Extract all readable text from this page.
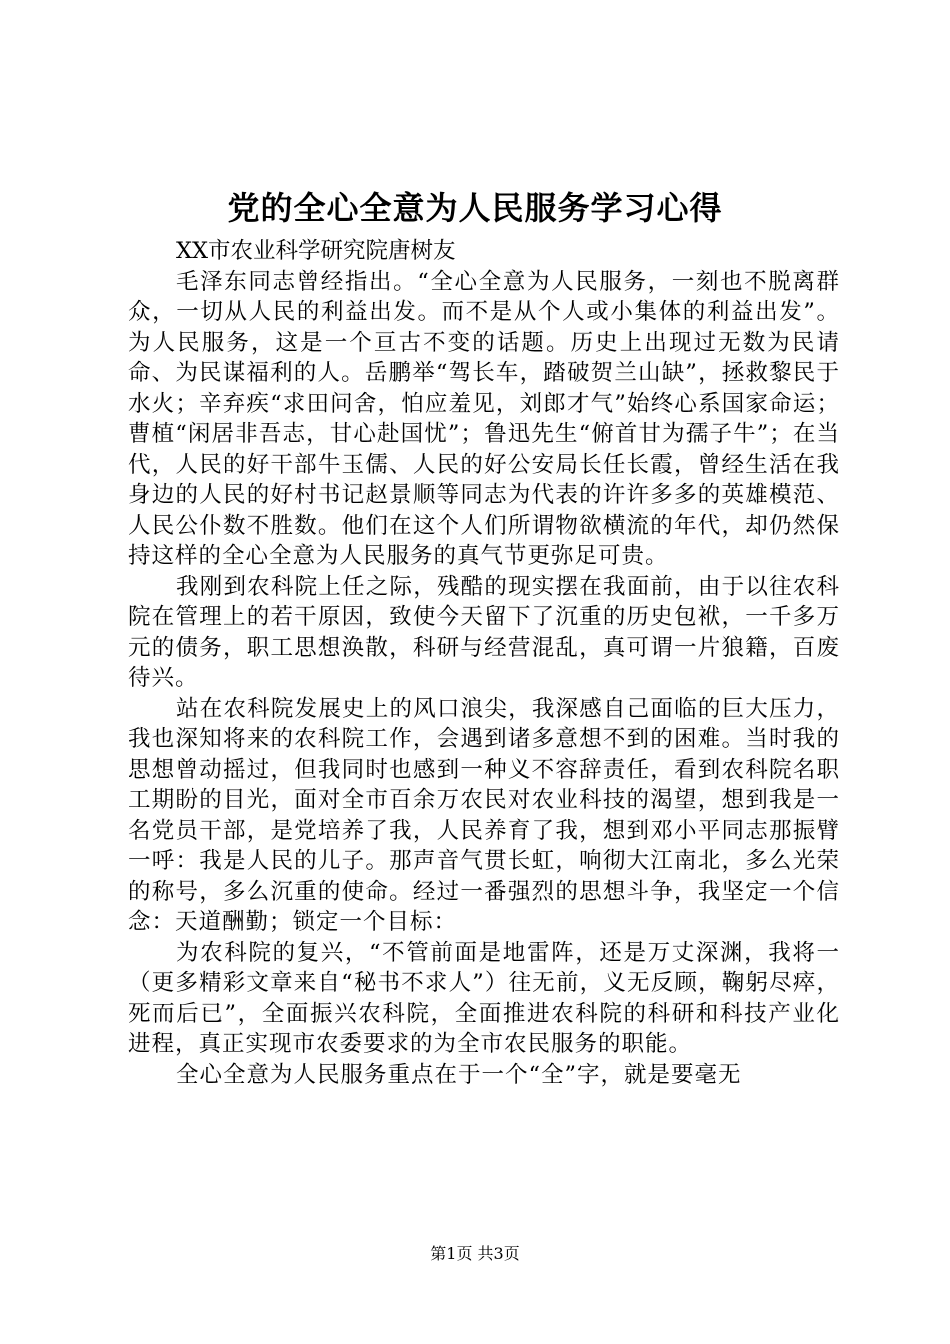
党的全心全意为人民服务学习心得

XX市农业科学研究院唐树友

毛泽东同志曾经指出。“全心全意为人民服务，一刻也不脱离群众，一切从人民的利益出发。而不是从个人或小集体的利益出发”。为人民服务，这是一个亘古不变的话题。历史上出现过无数为民请命、为民谋福利的人。岳鹏举“驾长车，踏破贺兰山缺”，拯救黎民于水火；辛弃疾“求田问舍，怕应羞见，刘郎才气”始终心系国家命运；曹植“闲居非吾志，甘心赴国忧”；鲁迅先生“俯首甘为孺子牛”；在当代，人民的好干部牛玉儒、人民的好公安局长任长霞，曾经生活在我身边的人民的好村书记赵景顺等同志为代表的许许多多的英雄模范、人民公仆数不胜数。他们在这个人们所谓物欲横流的年代，却仍然保持这样的全心全意为人民服务的真气节更弥足可贵。

我刚到农科院上任之际，残酷的现实摆在我面前，由于以往农科院在管理上的若干原因，致使今天留下了沉重的历史包袱，一千多万元的债务，职工思想涣散，科研与经营混乱，真可谓一片狼籍，百废待兴。

站在农科院发展史上的风口浪尖，我深感自己面临的巨大压力，我也深知将来的农科院工作，会遇到诸多意想不到的困难。当时我的思想曾动摇过，但我同时也感到一种义不容辞责任，看到农科院名职工期盼的目光，面对全市百余万农民对农业科技的渴望，想到我是一名党员干部，是党培养了我，人民养育了我，想到邓小平同志那振臂一呼：我是人民的儿子。那声音气贯长虹，响彻大江南北，多么光荣的称号，多么沉重的使命。经过一番强烈的思想斗争，我坚定一个信念：天道酬勤；锁定一个目标：

为农科院的复兴，“不管前面是地雷阵，还是万丈深渊，我将一（更多精彩文章来自“秘书不求人”）往无前，义无反顾，鞠躬尽瘁，死而后已”，全面振兴农科院，全面推进农科院的科研和科技产业化进程，真正实现市农委要求的为全市农民服务的职能。

全心全意为人民服务重点在于一个“全”字，就是要毫无

第1页 共3页
